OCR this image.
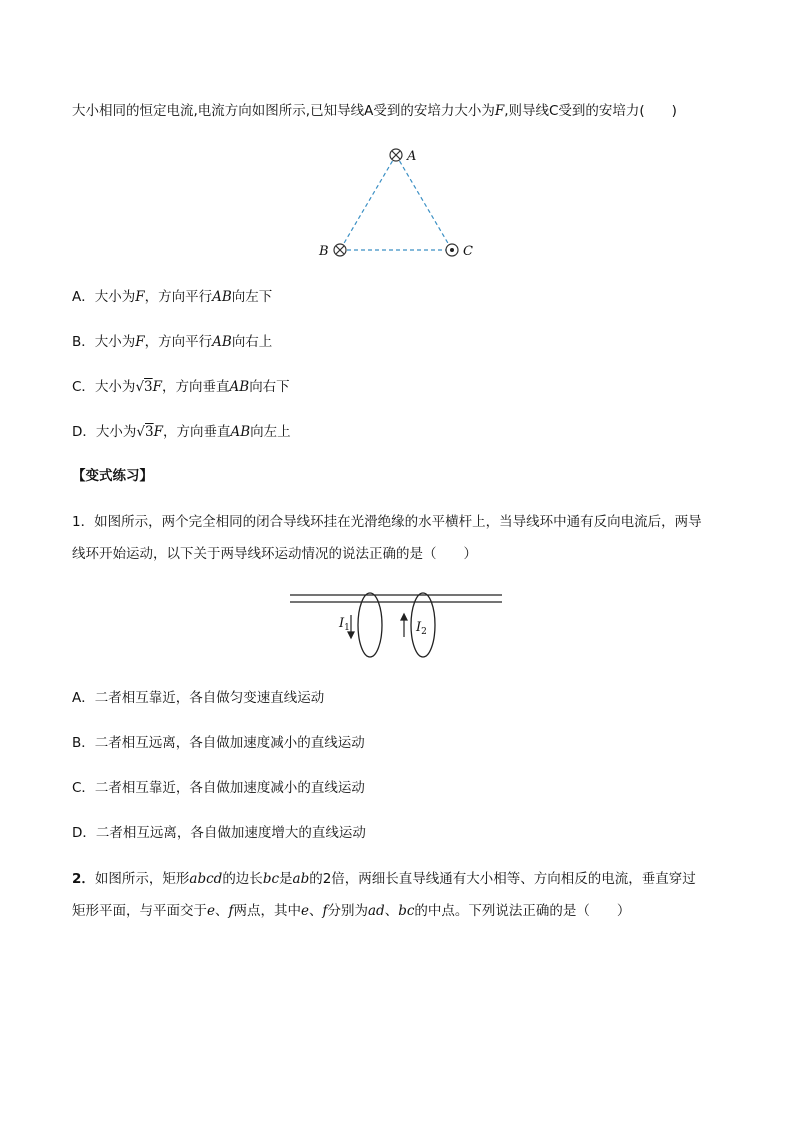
大小相同的恒定电流,电流方向如图所示,已知导线A受到的安培力大小为F,则导线C受到的安培力(　　)
A
B	C
A．大小为F，方向平行AB向左下
B．大小为F，方向平行AB向右上
C．大小为√3F，方向垂直AB向右下
D．大小为√3F，方向垂直AB向左上
【变式练习】
1．如图所示，两个完全相同的闭合导线环挂在光滑绝缘的水平横杆上，当导线环中通有反向电流后，两导
线环开始运动，以下关于两导线环运动情况的说法正确的是（　　）
$I_1$	$I_2$
A．二者相互靠近，各自做匀变速直线运动
B．二者相互远离，各自做加速度减小的直线运动
C．二者相互靠近，各自做加速度减小的直线运动
D．二者相互远离，各自做加速度增大的直线运动
2．如图所示，矩形abcd的边长bc是ab的2倍，两细长直导线通有大小相等、方向相反的电流，垂直穿过
矩形平面，与平面交于e、f两点，其中e、f分别为ad、bc的中点。下列说法正确的是（　　）
